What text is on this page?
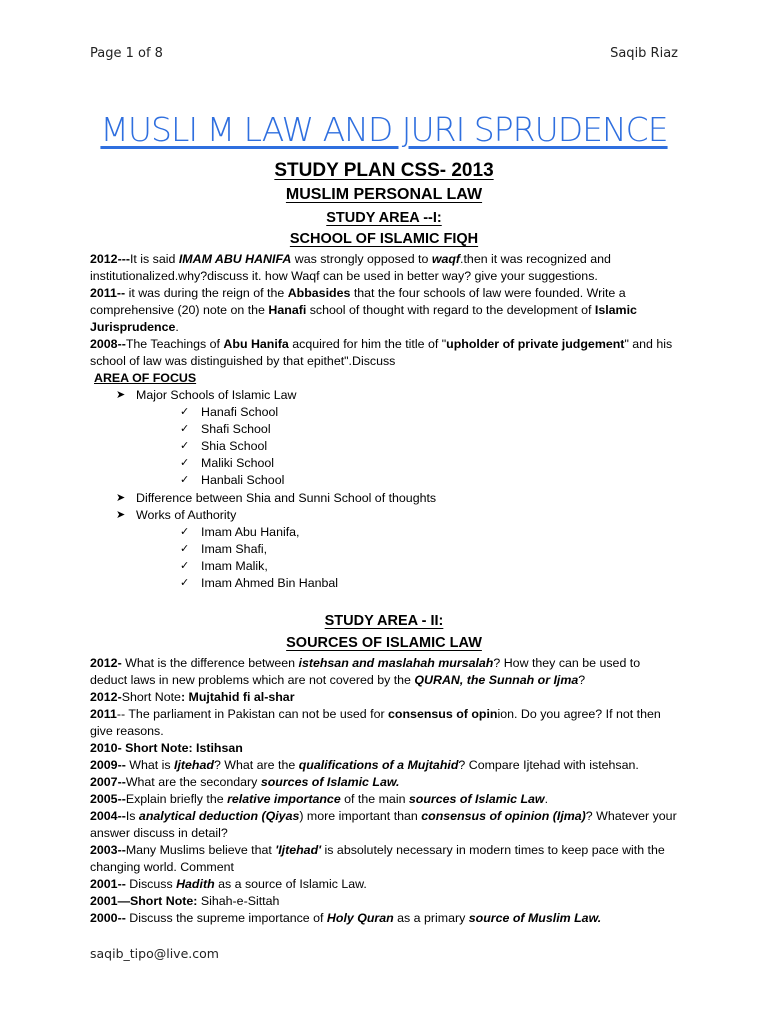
Page 1 of 8	Saqib Riaz
MUSLI M LAW AND JURI SPRUDENCE
STUDY PLAN CSS- 2013
MUSLIM PERSONAL LAW
STUDY AREA --I:
SCHOOL OF ISLAMIC FIQH
2012---It is said IMAM ABU HANIFA was strongly opposed to waqf.then it was recognized and institutionalized.why?discuss it. how Waqf can be used in better way? give your suggestions.
2011-- it was during the reign of the Abbasides that the four schools of law were founded. Write a comprehensive (20) note on the Hanafi school of thought with regard to the development of Islamic Jurisprudence.
2008--The Teachings of Abu Hanifa acquired for him the title of "upholder of private judgement" and his school of law was distinguished by that epithet".Discuss
AREA OF FOCUS
➤ Major Schools of Islamic Law
✓ Hanafi School
✓ Shafi School
✓ Shia School
✓ Maliki School
✓ Hanbali School
➤ Difference between Shia and Sunni School of thoughts
➤ Works of Authority
✓ Imam Abu Hanifa,
✓ Imam Shafi,
✓ Imam Malik,
✓ Imam Ahmed Bin Hanbal
STUDY AREA - II:
SOURCES OF ISLAMIC LAW
2012- What is the difference between istehsan and maslahah mursalah? How they can be used to deduct laws in new problems which are not covered by the QURAN, the Sunnah or Ijma?
2012-Short Note: Mujtahid fi al-shar
2011-- The parliament in Pakistan can not be used for consensus of opinion. Do you agree? If not then give reasons.
2010- Short Note: Istihsan
2009-- What is Ijtehad? What are the qualifications of a Mujtahid? Compare Ijtehad with istehsan.
2007--What are the secondary sources of Islamic Law.
2005--Explain briefly the relative importance of the main sources of Islamic Law.
2004--Is analytical deduction (Qiyas) more important than consensus of opinion (Ijma)? Whatever your answer discuss in detail?
2003--Many Muslims believe that 'Ijtehad' is absolutely necessary in modern times to keep pace with the changing world. Comment
2001-- Discuss Hadith as a source of Islamic Law.
2001—Short Note: Sihah-e-Sittah
2000-- Discuss the supreme importance of Holy Quran as a primary source of Muslim Law.
saqib_tipo@live.com
